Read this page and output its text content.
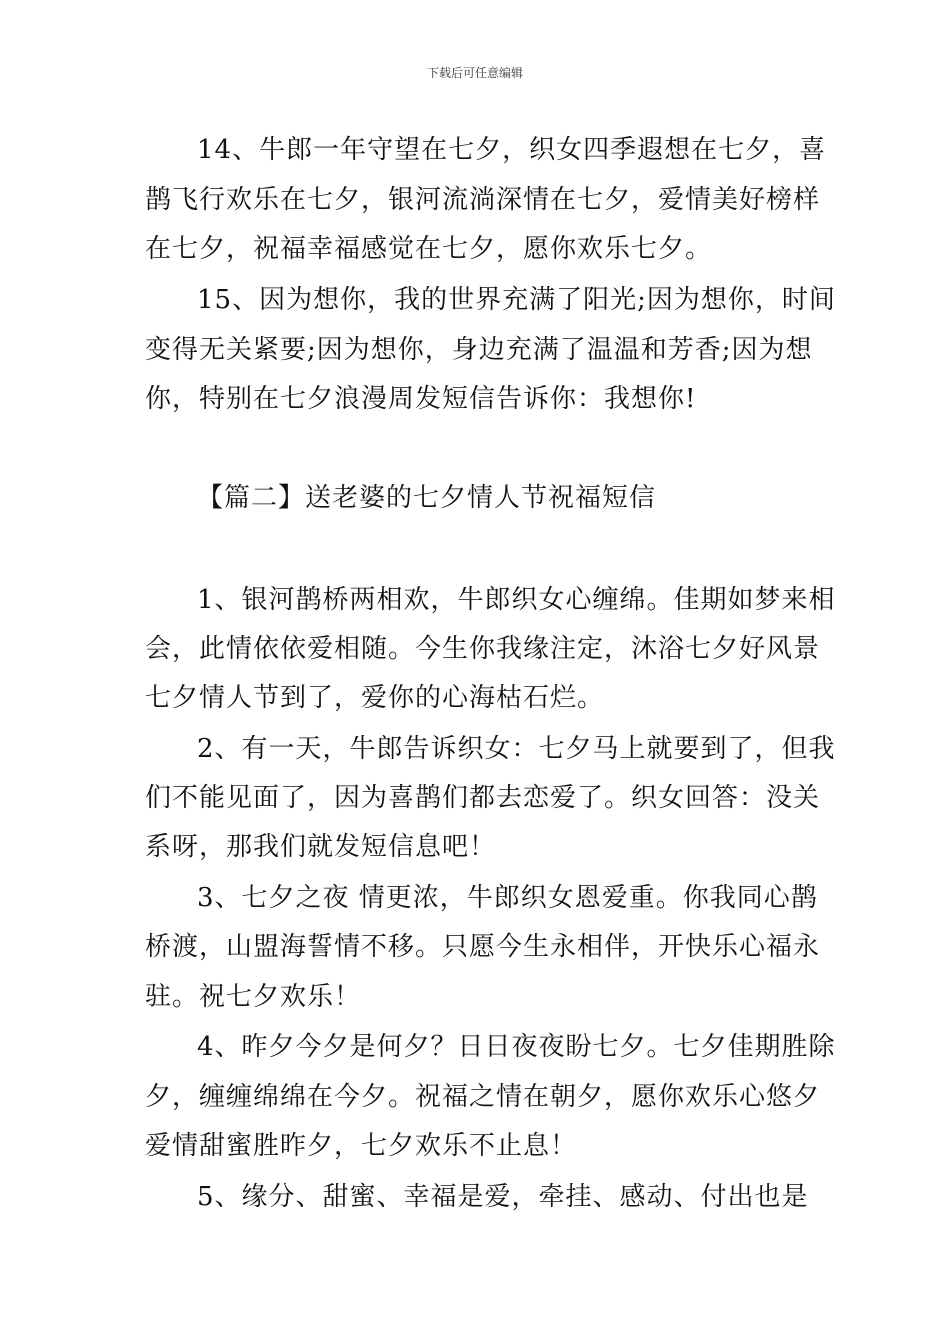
下载后可任意编辑
14、牛郎一年守望在七夕，织女四季遐想在七夕，喜
鹊飞行欢乐在七夕，银河流淌深情在七夕，爱情美好榜样
在七夕，祝福幸福感觉在七夕，愿你欢乐七夕。
15、因为想你，我的世界充满了阳光;因为想你，时间
变得无关紧要;因为想你，身边充满了温温和芳香;因为想
你，特别在七夕浪漫周发短信告诉你：我想你!
【篇二】送老婆的七夕情人节祝福短信
1、银河鹊桥两相欢，牛郎织女心缠绵。佳期如梦来相
会，此情依依爱相随。今生你我缘注定，沐浴七夕好风景
七夕情人节到了，爱你的心海枯石烂。
2、有一天，牛郎告诉织女：七夕马上就要到了，但我
们不能见面了，因为喜鹊们都去恋爱了。织女回答：没关
系呀，那我们就发短信息吧！
3、七夕之夜 情更浓，牛郎织女恩爱重。你我同心鹊
桥渡，山盟海誓情不移。只愿今生永相伴，开快乐心福永
驻。祝七夕欢乐！
4、昨夕今夕是何夕？日日夜夜盼七夕。七夕佳期胜除
夕，缠缠绵绵在今夕。祝福之情在朝夕，愿你欢乐心悠夕
爱情甜蜜胜昨夕，七夕欢乐不止息！
5、缘分、甜蜜、幸福是爱，牵挂、感动、付出也是
